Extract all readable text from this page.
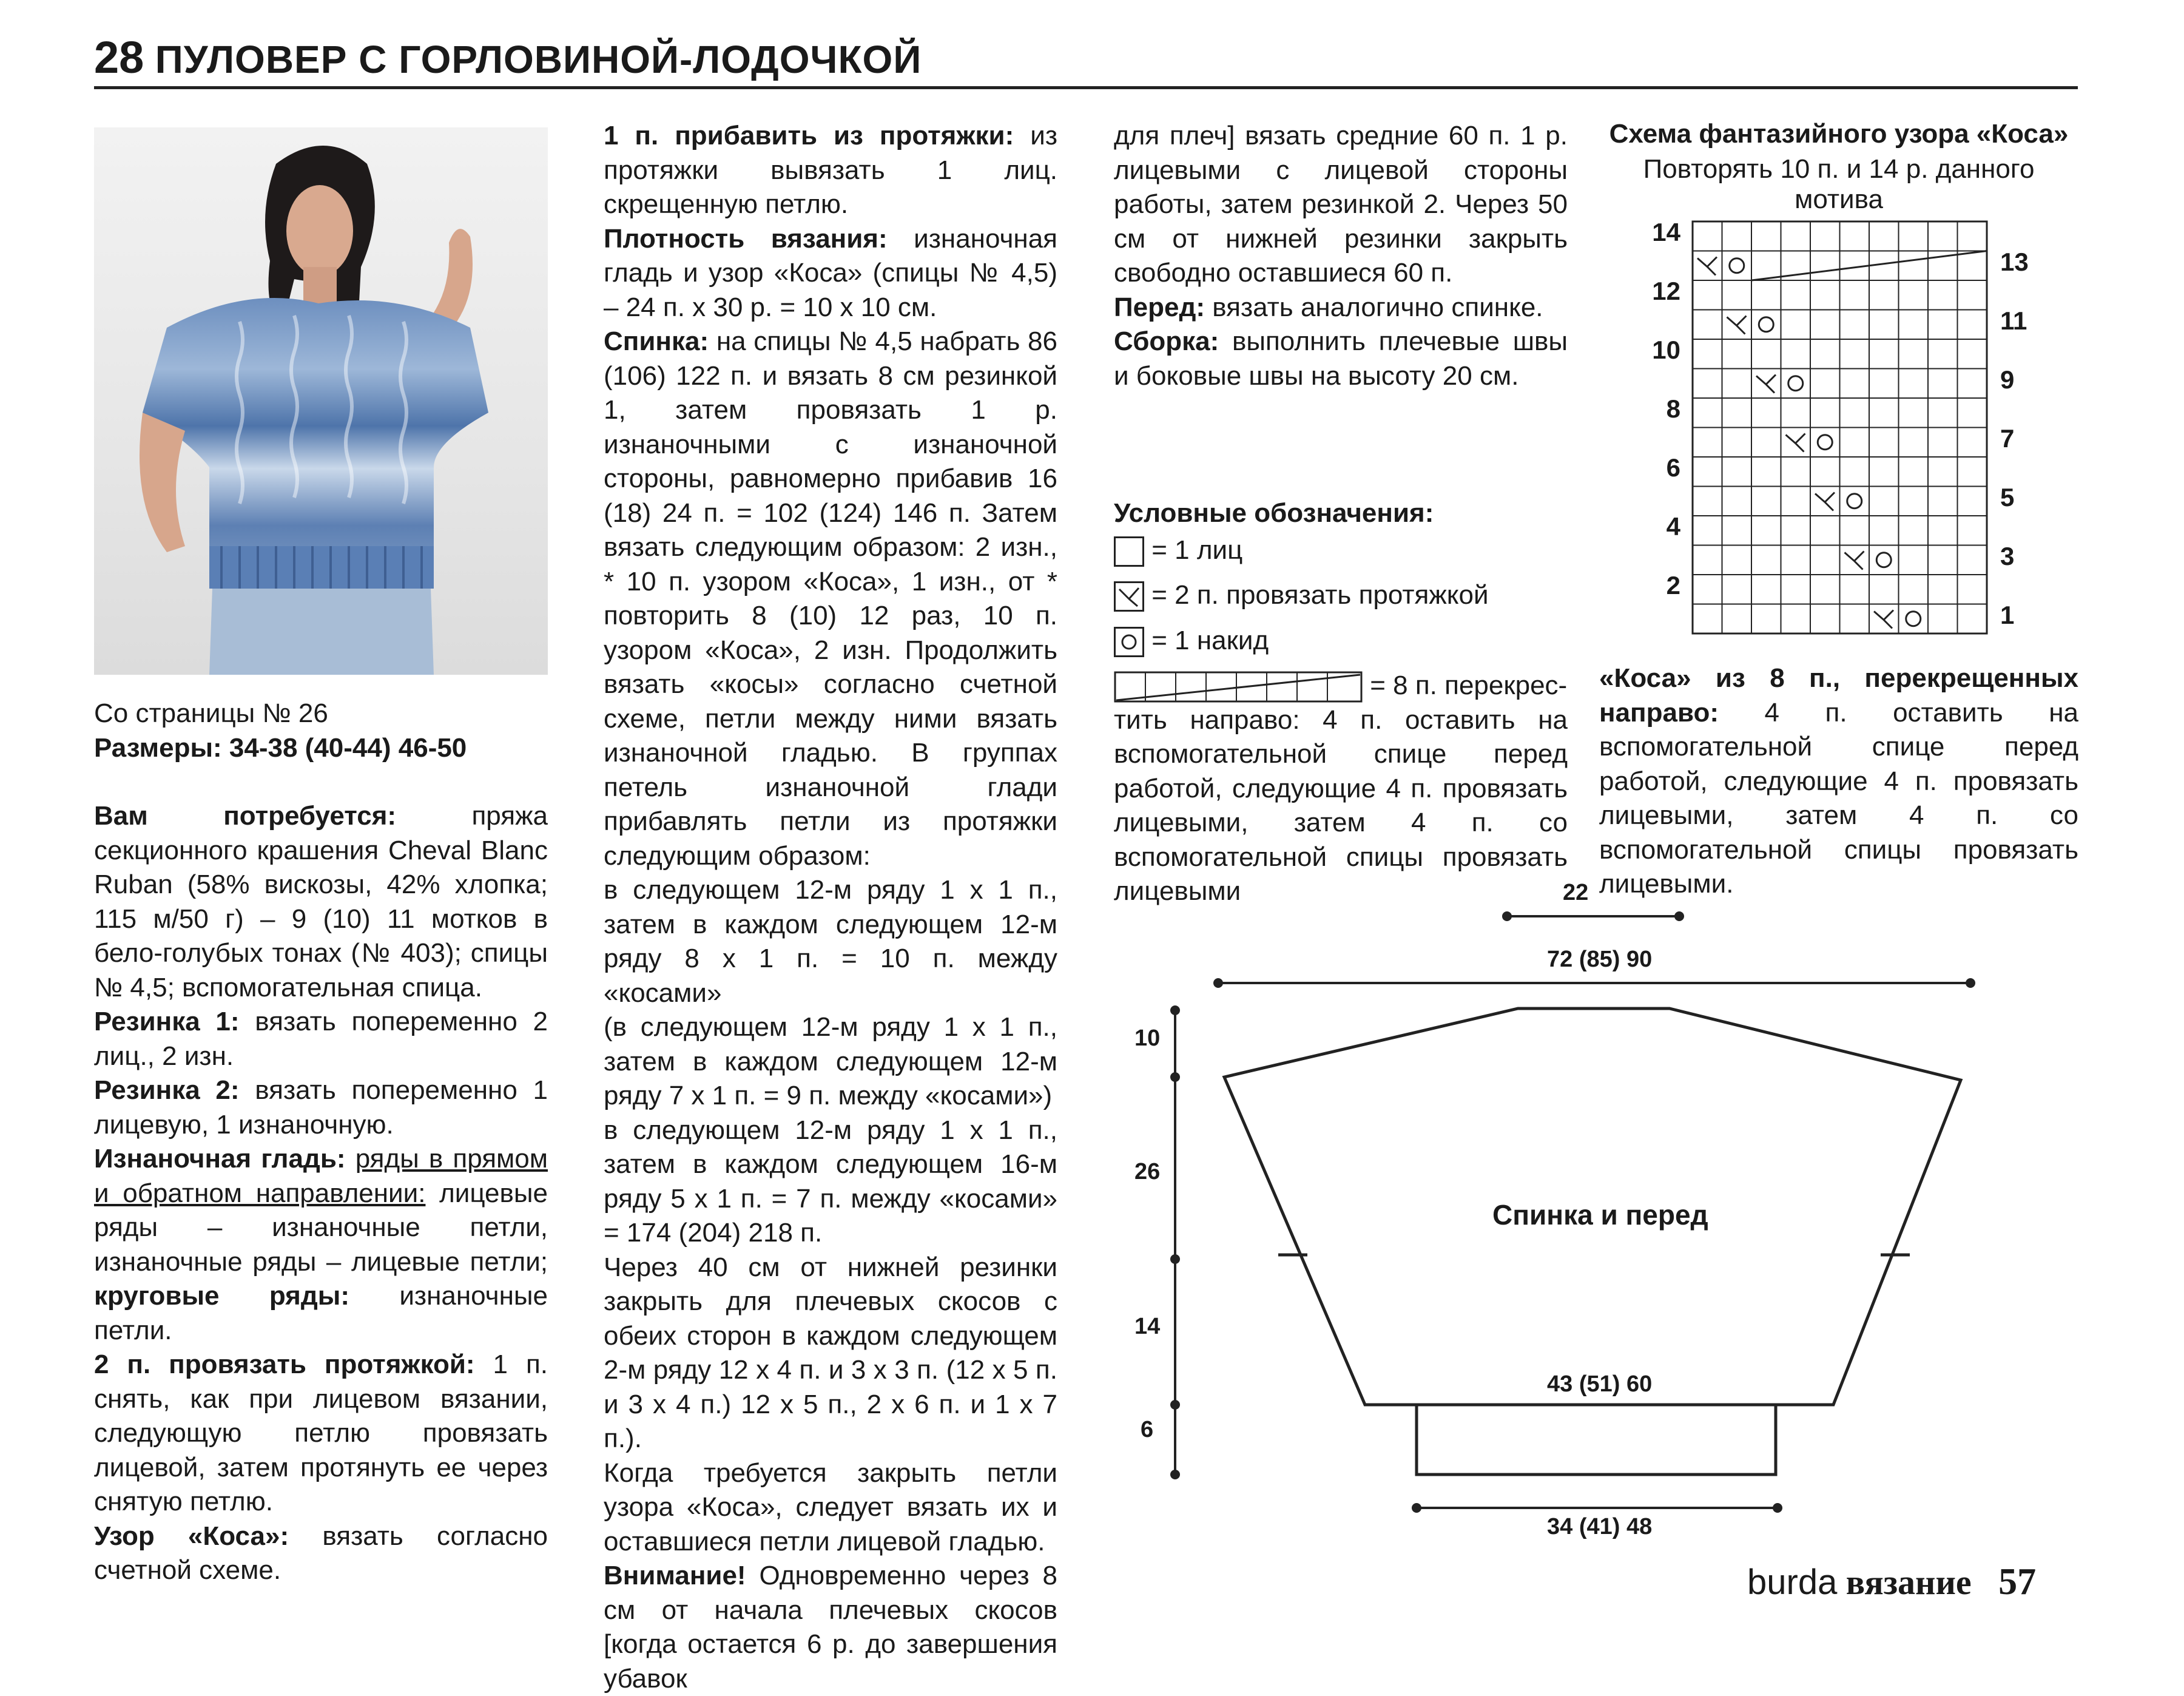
28 ПУЛОВЕР С ГОРЛОВИНОЙ-ЛОДОЧКОЙ

Со страницы № 26

Размеры: 34-38 (40-44) 46-50

Вам потребуется:	пряжа секционного крашения Cheval Blanc Ruban (58% вискозы, 42% хлопка; 115 м/50 г) – 9 (10) 11 мотков в бело-голубых тонах (№ 403); спицы № 4,5; вспомогательная спица.

Резинка 1: вязать попеременно 2 лиц., 2 изн.

Резинка 2: вязать попеременно 1 лицевую, 1 изнаночную.

Изнаночная гладь: ряды в прямом и обратном направлении: лицевые ряды – изнаночные петли, изнаночные ряды – лицевые петли; круговые ряды: изнаночные петли.

2 п. провязать протяжкой: 1 п. снять, как при лицевом вязании, следующую петлю провязать лицевой, затем протянуть ее через снятую петлю.

Узор «Коса»: вязать согласно счетной схеме.

1 п. прибавить из протяжки: из протяжки вывязать 1 лиц. скрещенную петлю.

Плотность вязания: изнаночная гладь и узор «Коса» (спицы № 4,5) – 24 п. x 30 р. = 10 x 10 см.

Спинка: на спицы № 4,5 набрать 86 (106) 122 п. и вязать 8 см резинкой 1, затем провязать 1 р. изнаночными с изнаночной стороны, равномерно прибавив 16 (18) 24 п. = 102 (124) 146 п. Затем вязать следующим образом: 2 изн., * 10 п. узором «Коса», 1 изн., от * повторить 8 (10) 12 раз, 10 п. узором «Коса», 2 изн. Продолжить вязать «косы» согласно счетной схеме, петли между ними вязать изнаночной гладью. В группах петель изнаночной глади прибавлять петли из протяжки следующим образом:

в следующем 12-м ряду 1 x 1 п., затем в каждом следующем 12-м ряду 8 x 1 п. = 10 п. между «косами»

(в следующем 12-м ряду 1 x 1 п., затем в каждом следующем 12-м ряду 7 x 1 п. = 9 п. между «косами»)

в следующем 12-м ряду 1 x 1 п., затем в каждом следующем 16-м ряду 5 x 1 п. = 7 п. между «косами» = 174 (204) 218 п.

Через 40 см от нижней резинки закрыть для плечевых скосов с обеих сторон в каждом следующем 2-м ряду 12 x 4 п. и 3 x 3 п. (12 x 5 п. и 3 x 4 п.) 12 x 5 п., 2 x 6 п. и 1 x 7 п.).

Когда требуется закрыть петли узора «Коса», следует вязать их и оставшиеся петли лицевой гладью.

Внимание! Одновременно через 8 см от начала плечевых скосов [когда остается 6 р. до завершения убавок

для плеч] вязать средние 60 п. 1 р. лицевыми с лицевой стороны работы, затем резинкой 2. Через 50 см от нижней резинки закрыть свободно оставшиеся 60 п.

Перед: вязать аналогично спинке.

Сборка: выполнить плечевые швы и боковые швы на высоту 20 см.

Условные обозначения:

= 1 лиц

= 2 п. провязать протяжкой

= 1 накид

= 8 п. перекрес-

тить направо: 4 п. оставить на вспомогательной спице перед работой, следующие 4 п. провязать лицевыми, затем 4 п. со вспомогательной спицы провязать лицевыми

Схема фантазийного узора «Коса»
Повторять 10 п. и 14 р. данного мотива
14
12
10
8
6
4
2
13
11
9
7
5
3
1

«Коса» из 8 п., перекрещенных направо: 4 п. оставить на вспомогательной спице перед работой, следующие 4 п. провязать лицевыми, затем 4 п. со вспомогательной спицы провязать лицевыми.

22
72 (85) 90
Спинка и перед
43 (51) 60
34 (41) 48
10
26
14
6
burda вязание 57
